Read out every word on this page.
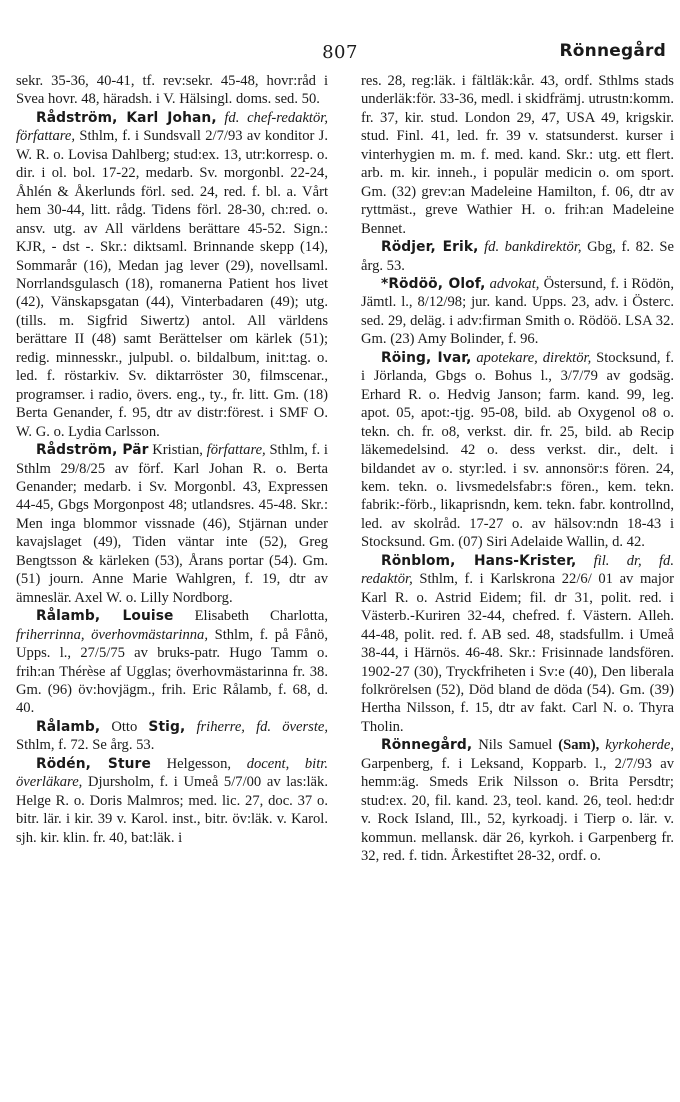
807	Rönnegård

sekr. 35-36, 40-41, tf. rev:sekr. 45-48, hovr:råd i Svea hovr. 48, häradsh. i V. Hälsingl. doms. sed. 50.

Rådström, Karl Johan, fd. chef-redaktör, författare, Sthlm, f. i Sundsvall 2/7/93 av konditor J. W. R. o. Lovisa Dahlberg; stud:ex. 13, utr:korresp. o. dir. i ol. bol. 17-22, medarb. Sv. morgonbl. 22-24, Åhlén & Åkerlunds förl. sed. 24, red. f. bl. a. Vårt hem 30-44, litt. rådg. Tidens förl. 28-30, ch:red. o. ansv. utg. av All världens berättare 45-52. Sign.: KJR, - dst -. Skr.: diktsaml. Brinnande skepp (14), Sommarår (16), Medan jag lever (29), novellsaml. Norrlandsgulasch (18), romanerna Patient hos livet (42), Vänskapsgatan (44), Vinterbadaren (49); utg. (tills. m. Sigfrid Siwertz) antol. All världens berättare II (48) samt Berättelser om kärlek (51); redig. minnesskr., julpubl. o. bildalbum, init:tag. o. led. f. röstarkiv. Sv. diktarröster 30, filmscenar., programser. i radio, övers. eng., ty., fr. litt. Gm. (18) Berta Genander, f. 95, dtr av distr:förest. i SMF O. W. G. o. Lydia Carlsson.

Rådström, Pär Kristian, författare, Sthlm, f. i Sthlm 29/8/25 av förf. Karl Johan R. o. Berta Genander; medarb. i Sv. Morgonbl. 43, Expressen 44-45, Gbgs Morgonpost 48; utlandsres. 45-48. Skr.: Men inga blommor vissnade (46), Stjärnan under kavajslaget (49), Tiden väntar inte (52), Greg Bengtsson & kärleken (53), Årans portar (54). Gm. (51) journ. Anne Marie Wahlgren, f. 19, dtr av ämneslär. Axel W. o. Lilly Nordborg.

Rålamb, Louise Elisabeth Charlotta, friherrinna, överhovmästarinna, Sthlm, f. på Fånö, Upps. l., 27/5/75 av bruks-patr. Hugo Tamm o. frih:an Thérèse af Ugglas; överhovmästarinna fr. 38. Gm. (96) öv:hovjägm., frih. Eric Rålamb, f. 68, d. 40.

Rålamb, Otto Stig, friherre, fd. överste, Sthlm, f. 72. Se årg. 53.

Rödén, Sture Helgesson, docent, bitr. överläkare, Djursholm, f. i Umeå 5/7/00 av las:läk. Helge R. o. Doris Malmros; med. lic. 27, doc. 37 o. bitr. lär. i kir. 39 v. Karol. inst., bitr. öv:läk. v. Karol. sjh. kir. klin. fr. 40, bat:läk. i

res. 28, reg:läk. i fältläk:kår. 43, ordf. Sthlms stads underläk:för. 33-36, medl. i skidfrämj. utrustn:komm. fr. 37, kir. stud. London 29, 47, USA 49, krigskir. stud. Finl. 41, led. fr. 39 v. statsunderst. kurser i vinterhygien m. m. f. med. kand. Skr.: utg. ett flert. arb. m. kir. inneh., i populär medicin o. om sport. Gm. (32) grev:an Madeleine Hamilton, f. 06, dtr av ryttmäst., greve Wathier H. o. frih:an Madeleine Bennet.

Rödjer, Erik, fd. bankdirektör, Gbg, f. 82. Se årg. 53.

*Rödöö, Olof, advokat, Östersund, f. i Rödön, Jämtl. l., 8/12/98; jur. kand. Upps. 23, adv. i Österс. sed. 29, deläg. i adv:firman Smith o. Rödöö. LSA 32. Gm. (23) Amy Bolinder, f. 96.

Röing, Ivar, apotekare, direktör, Stocksund, f. i Jörlanda, Gbgs o. Bohus l., 3/7/79 av godsäg. Erhard R. o. Hedvig Janson; farm. kand. 99, leg. apot. 05, apot:-tjg. 95-08, bild. ab Oxygenol o8 o. tekn. ch. fr. o8, verkst. dir. fr. 25, bild. ab Recip läkemedelsind. 42 o. dess verkst. dir., delt. i bildandet av o. styr:led. i sv. annonsör:s fören. 24, kem. tekn. o. livsmedelsfabr:s fören., kem. tekn. fabrik:-förb., likaprisndn, kem. tekn. fabr. kontrollnd, led. av skolråd. 17-27 o. av hälsov:ndn 18-43 i Stocksund. Gm. (07) Siri Adelaide Wallin, d. 42.

Rönblom, Hans-Krister, fil. dr, fd. redaktör, Sthlm, f. i Karlskrona 22/6/ 01 av major Karl R. o. Astrid Eidem; fil. dr 31, polit. red. i Västerb.-Kuriren 32-44, chefred. f. Västern. Alleh. 44-48, polit. red. f. AB sed. 48, stadsfullm. i Umeå 38-44, i Härnös. 46-48. Skr.: Frisinnade landsfören. 1902-27 (30), Tryckfriheten i Sv:e (40), Den liberala folkrörelsen (52), Död bland de döda (54). Gm. (39) Hertha Nilsson, f. 15, dtr av fakt. Carl N. o. Thyra Tholin.

Rönnegård, Nils Samuel (Sam), kyrkoherde, Garpenberg, f. i Leksand, Kopparb. l., 2/7/93 av hemm:äg. Smeds Erik Nilsson o. Brita Persdtr; stud:ex. 20, fil. kand. 23, teol. kand. 26, teol. hed:dr v. Rock Island, Ill., 52, kyrkoadj. i Tierp o. lär. v. kommun. mellansk. där 26, kyrkoh. i Garpenberg fr. 32, red. f. tidn. Årkestiftet 28-32, ordf. o.
